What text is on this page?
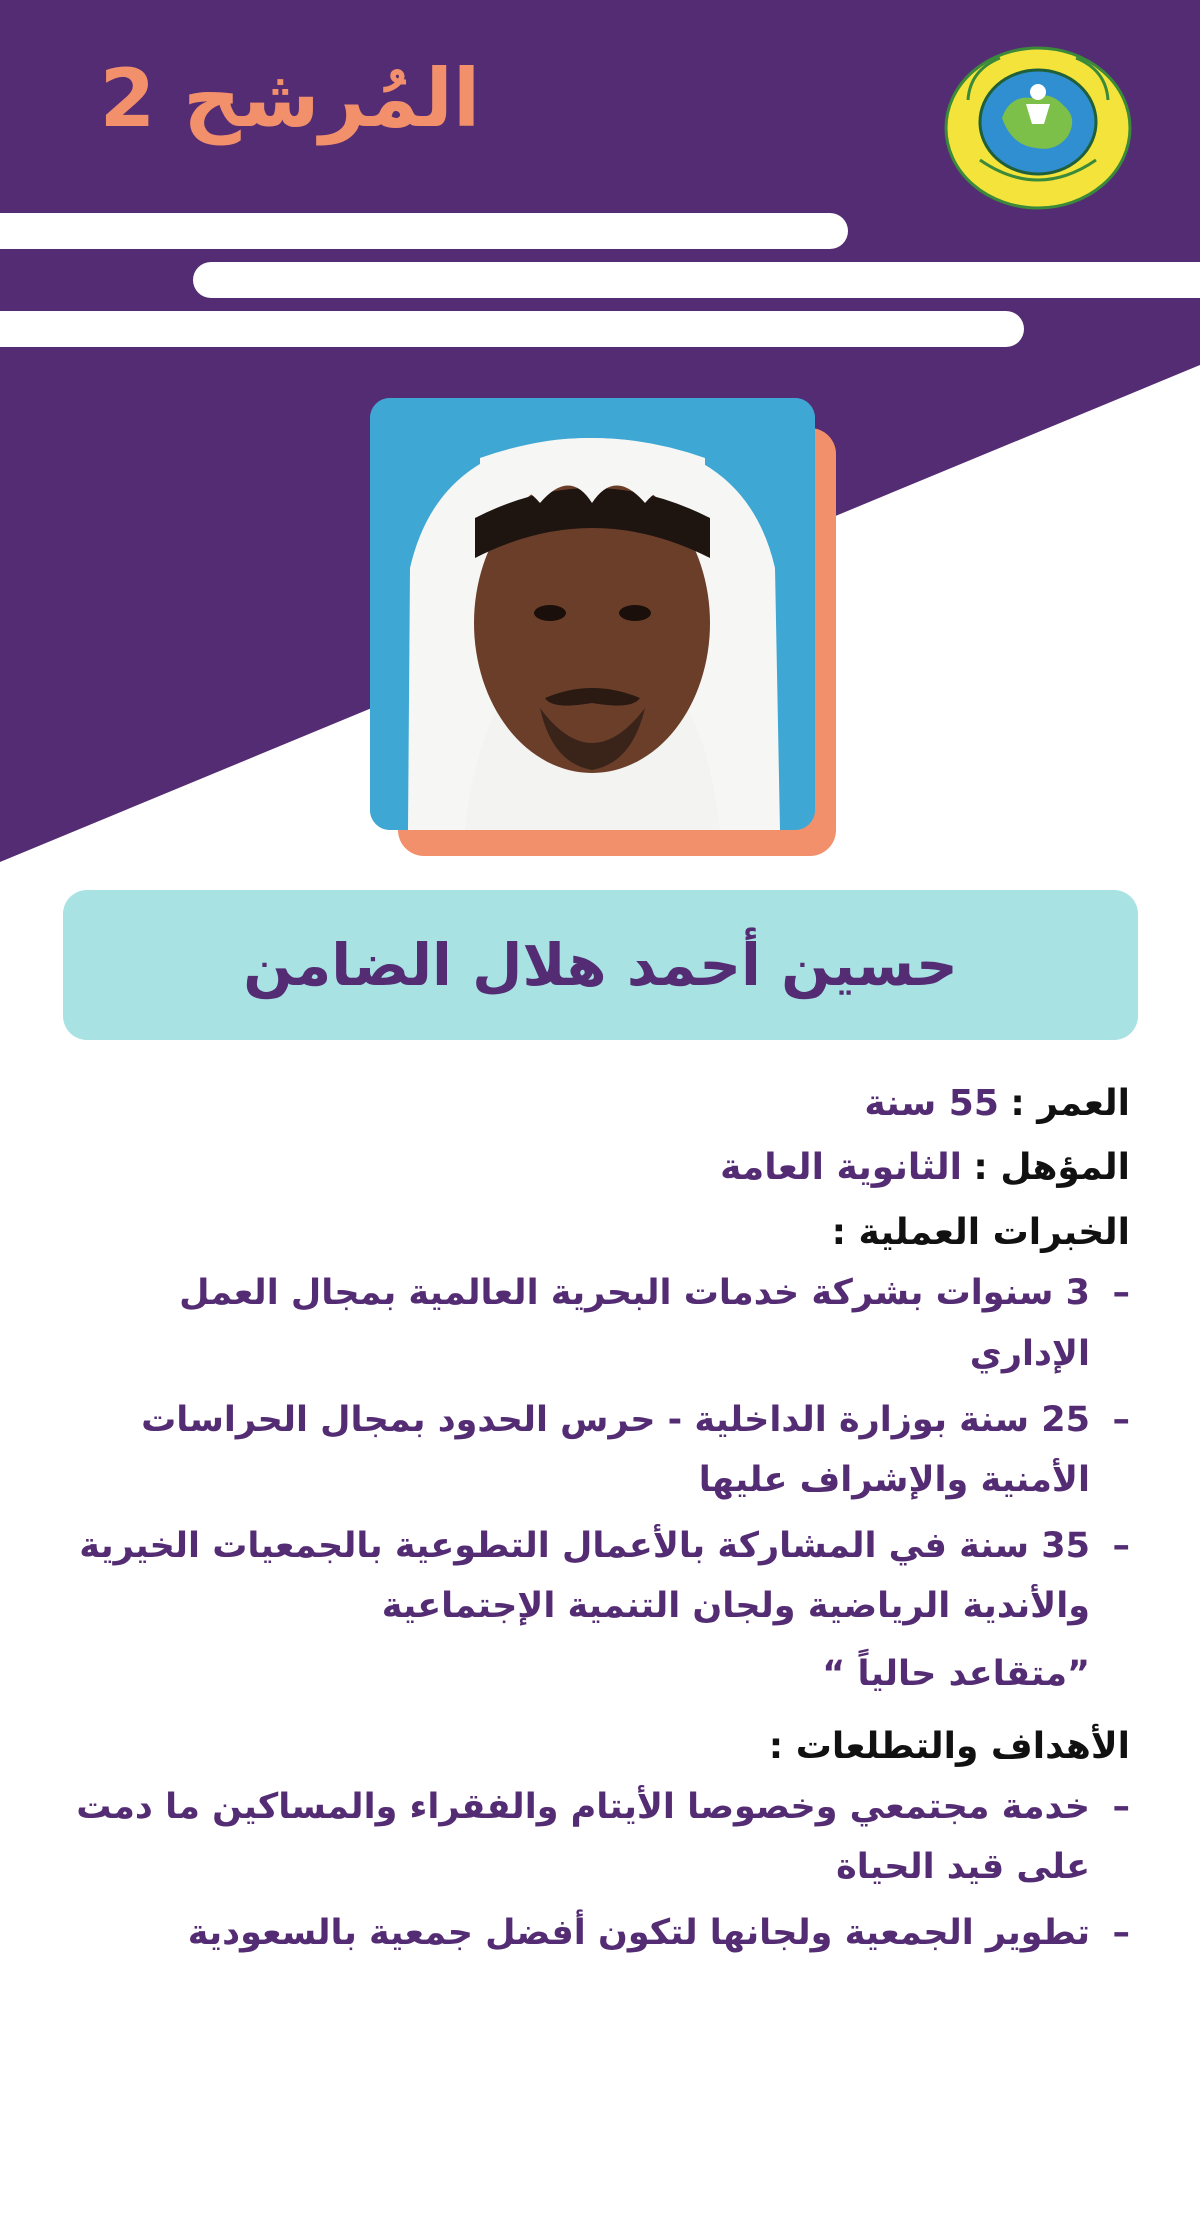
المُرشح 2
حسين أحمد هلال الضامن
العمر : 55 سنة
المؤهل : الثانوية العامة
الخبرات العملية :
–
3 سنوات بشركة خدمات البحرية العالمية بمجال العمل الإداري
–
25 سنة بوزارة الداخلية - حرس الحدود بمجال الحراسات الأمنية والإشراف عليها
–
35 سنة في المشاركة بالأعمال التطوعية بالجمعيات الخيرية والأندية الرياضية ولجان التنمية الإجتماعية
”متقاعد حالياً “
الأهداف والتطلعات :
–
خدمة مجتمعي وخصوصا الأيتام والفقراء والمساكين ما دمت على قيد الحياة
–
تطوير الجمعية ولجانها لتكون أفضل جمعية بالسعودية
